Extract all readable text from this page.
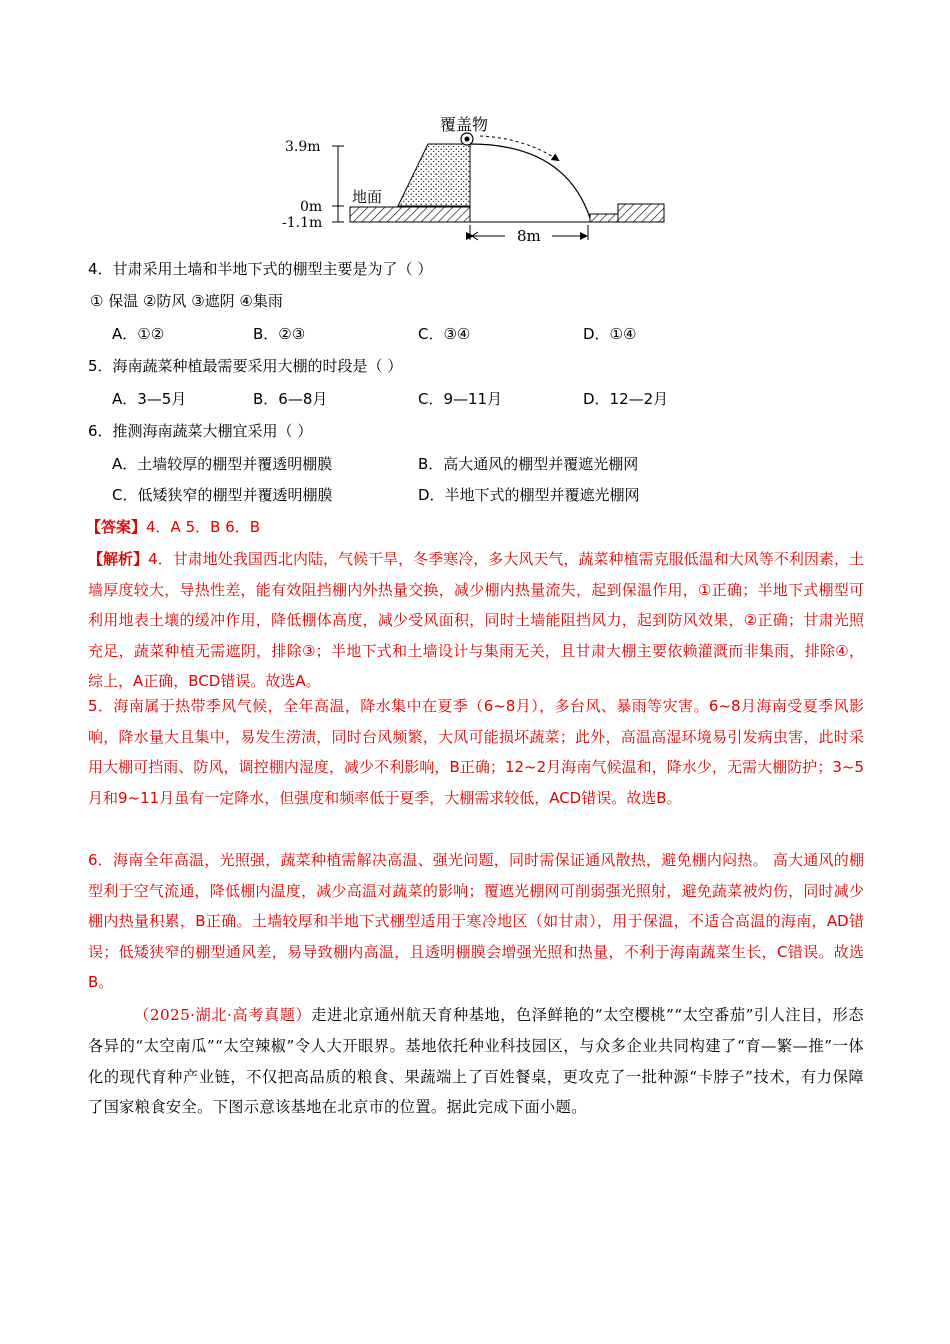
3.9m
0m
-1.1m
地面
覆盖物
8m
4．甘肃采用土墙和半地下式的棚型主要是为了（ ）
① 保温 ②防风 ③遮阴 ④集雨
A．①②	B．②③	C．③④	D．①④
5．海南蔬菜种植最需要采用大棚的时段是（ ）
A．3—5月	B．6—8月	C．9—11月	D．12—2月
6．推测海南蔬菜大棚宜采用（ ）
A．土墙较厚的棚型并覆透明棚膜	B．高大通风的棚型并覆遮光棚网
C．低矮狭窄的棚型并覆透明棚膜	D．半地下式的棚型并覆遮光棚网
【答案】4．A 5．B 6．B
【解析】4．甘肃地处我国西北内陆，气候干旱，冬季寒冷，多大风天气，蔬菜种植需克服低温和大风等不利因素，土墙厚度较大，导热性差，能有效阻挡棚内外热量交换，减少棚内热量流失，起到保温作用，①正确；半地下式棚型可利用地表土壤的缓冲作用，降低棚体高度，减少受风面积，同时土墙能阻挡风力，起到防风效果，②正确；甘肃光照充足，蔬菜种植无需遮阴，排除③；半地下式和土墙设计与集雨无关，且甘肃大棚主要依赖灌溉而非集雨，排除④，综上，A正确，BCD错误。故选A。
5．海南属于热带季风气候，全年高温，降水集中在夏季（6~8月），多台风、暴雨等灾害。6~8月海南受夏季风影响，降水量大且集中，易发生涝渍，同时台风频繁，大风可能损坏蔬菜；此外，高温高湿环境易引发病虫害，此时采用大棚可挡雨、防风，调控棚内湿度，减少不利影响，B正确；12~2月海南气候温和，降水少，无需大棚防护；3~5月和9~11月虽有一定降水，但强度和频率低于夏季，大棚需求较低，ACD错误。故选B。
6．海南全年高温，光照强，蔬菜种植需解决高温、强光问题，同时需保证通风散热，避免棚内闷热。 高大通风的棚型利于空气流通，降低棚内温度，减少高温对蔬菜的影响；覆遮光棚网可削弱强光照射，避免蔬菜被灼伤，同时减少棚内热量积累，B正确。土墙较厚和半地下式棚型适用于寒冷地区（如甘肃），用于保温，不适合高温的海南，AD错误；低矮狭窄的棚型通风差，易导致棚内高温，且透明棚膜会增强光照和热量，不利于海南蔬菜生长，C错误。故选B。
（2025·湖北·高考真题）走进北京通州航天育种基地，色泽鲜艳的“太空樱桃”“太空番茄”引人注目，形态各异的“太空南瓜”“太空辣椒”令人大开眼界。基地依托种业科技园区，与众多企业共同构建了“育—繁—推”一体化的现代育种产业链，不仅把高品质的粮食、果蔬端上了百姓餐桌，更攻克了一批种源“卡脖子”技术，有力保障了国家粮食安全。下图示意该基地在北京市的位置。据此完成下面小题。
